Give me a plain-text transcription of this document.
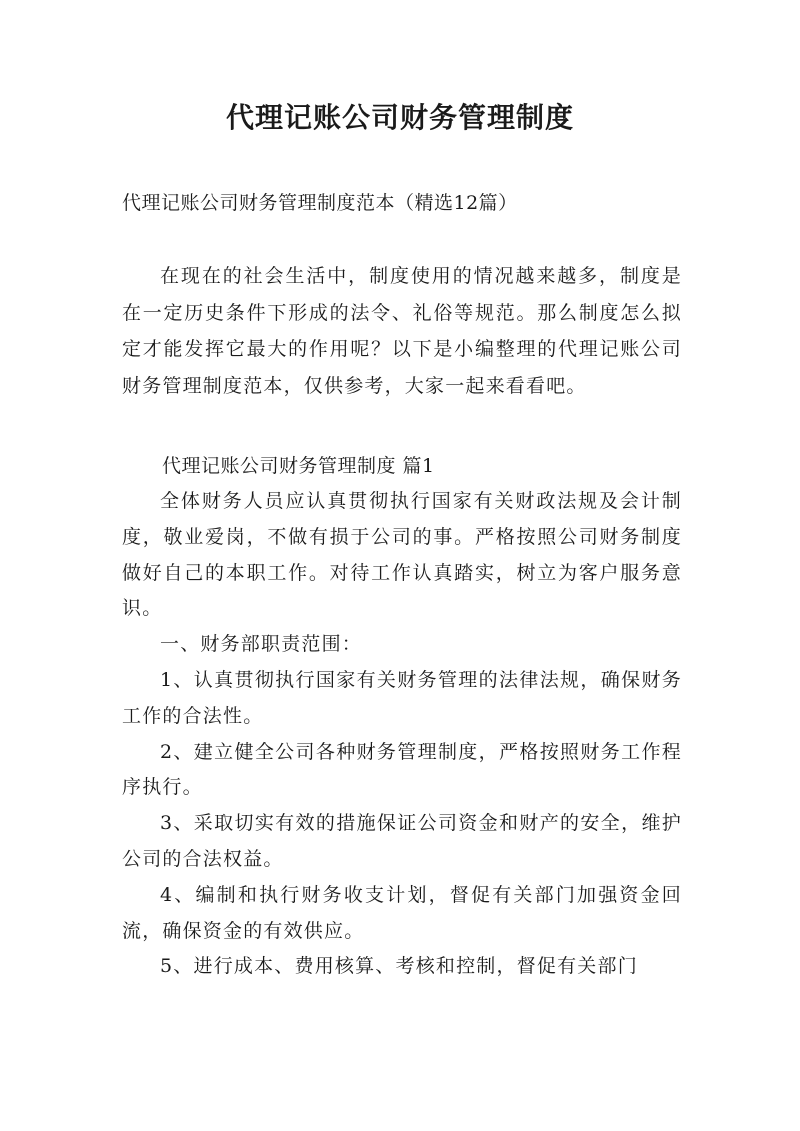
代理记账公司财务管理制度

代理记账公司财务管理制度范本（精选12篇）

在现在的社会生活中，制度使用的情况越来越多，制度是在一定历史条件下形成的法令、礼俗等规范。那么制度怎么拟定才能发挥它最大的作用呢？以下是小编整理的代理记账公司财务管理制度范本，仅供参考，大家一起来看看吧。

代理记账公司财务管理制度 篇1

全体财务人员应认真贯彻执行国家有关财政法规及会计制度，敬业爱岗，不做有损于公司的事。严格按照公司财务制度做好自己的本职工作。对待工作认真踏实，树立为客户服务意识。

一、财务部职责范围：

1、认真贯彻执行国家有关财务管理的法律法规，确保财务工作的合法性。

2、建立健全公司各种财务管理制度，严格按照财务工作程序执行。

3、采取切实有效的措施保证公司资金和财产的安全，维护公司的合法权益。

4、编制和执行财务收支计划，督促有关部门加强资金回流，确保资金的有效供应。

5、进行成本、费用核算、考核和控制，督促有关部门
